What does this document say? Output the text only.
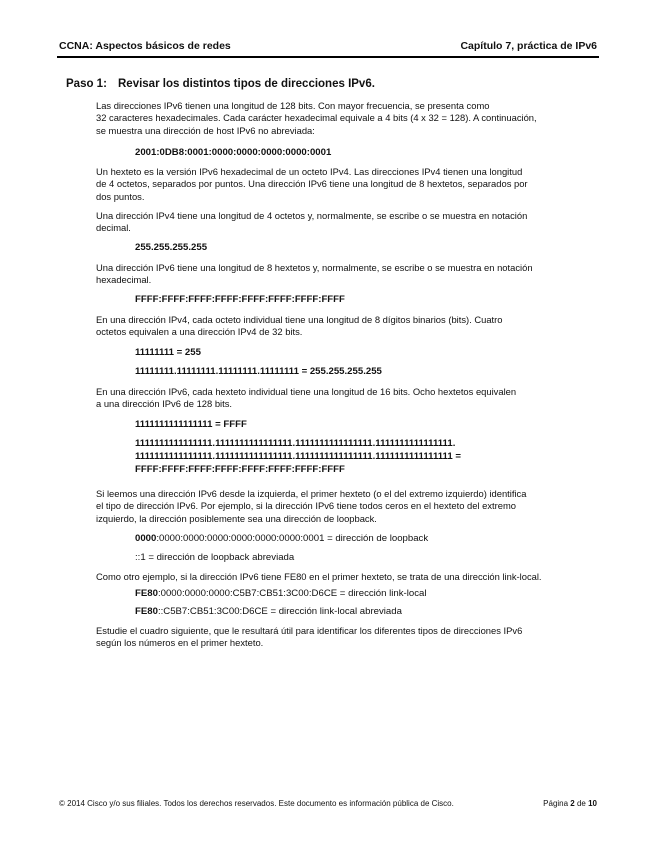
CCNA: Aspectos básicos de redes	Capítulo 7, práctica de IPv6
Paso 1: Revisar los distintos tipos de direcciones IPv6.
Las direcciones IPv6 tienen una longitud de 128 bits. Con mayor frecuencia, se presenta como
32 caracteres hexadecimales. Cada carácter hexadecimal equivale a 4 bits (4 x 32 = 128). A continuación,
se muestra una dirección de host IPv6 no abreviada:
2001:0DB8:0001:0000:0000:0000:0000:0001
Un hexteto es la versión IPv6 hexadecimal de un octeto IPv4. Las direcciones IPv4 tienen una longitud
de 4 octetos, separados por puntos. Una dirección IPv6 tiene una longitud de 8 hextetos, separados por
dos puntos.
Una dirección IPv4 tiene una longitud de 4 octetos y, normalmente, se escribe o se muestra en notación
decimal.
255.255.255.255
Una dirección IPv6 tiene una longitud de 8 hextetos y, normalmente, se escribe o se muestra en notación
hexadecimal.
FFFF:FFFF:FFFF:FFFF:FFFF:FFFF:FFFF:FFFF
En una dirección IPv4, cada octeto individual tiene una longitud de 8 dígitos binarios (bits). Cuatro
octetos equivalen a una dirección IPv4 de 32 bits.
11111111 = 255
11111111.11111111.11111111.11111111 = 255.255.255.255
En una dirección IPv6, cada hexteto individual tiene una longitud de 16 bits. Ocho hextetos equivalen
a una dirección IPv6 de 128 bits.
1111111111111111 = FFFF
1111111111111111.1111111111111111.1111111111111111.1111111111111111.
1111111111111111.1111111111111111.1111111111111111.1111111111111111 =
FFFF:FFFF:FFFF:FFFF:FFFF:FFFF:FFFF:FFFF
Si leemos una dirección IPv6 desde la izquierda, el primer hexteto (o el del extremo izquierdo) identifica
el tipo de dirección IPv6. Por ejemplo, si la dirección IPv6 tiene todos ceros en el hexteto del extremo
izquierdo, la dirección posiblemente sea una dirección de loopback.
0000:0000:0000:0000:0000:0000:0000:0001 = dirección de loopback
::1 = dirección de loopback abreviada
Como otro ejemplo, si la dirección IPv6 tiene FE80 en el primer hexteto, se trata de una dirección link-local.
FE80:0000:0000:0000:C5B7:CB51:3C00:D6CE = dirección link-local
FE80::C5B7:CB51:3C00:D6CE = dirección link-local abreviada
Estudie el cuadro siguiente, que le resultará útil para identificar los diferentes tipos de direcciones IPv6
según los números en el primer hexteto.
© 2014 Cisco y/o sus filiales. Todos los derechos reservados. Este documento es información pública de Cisco.	Página 2 de 10
